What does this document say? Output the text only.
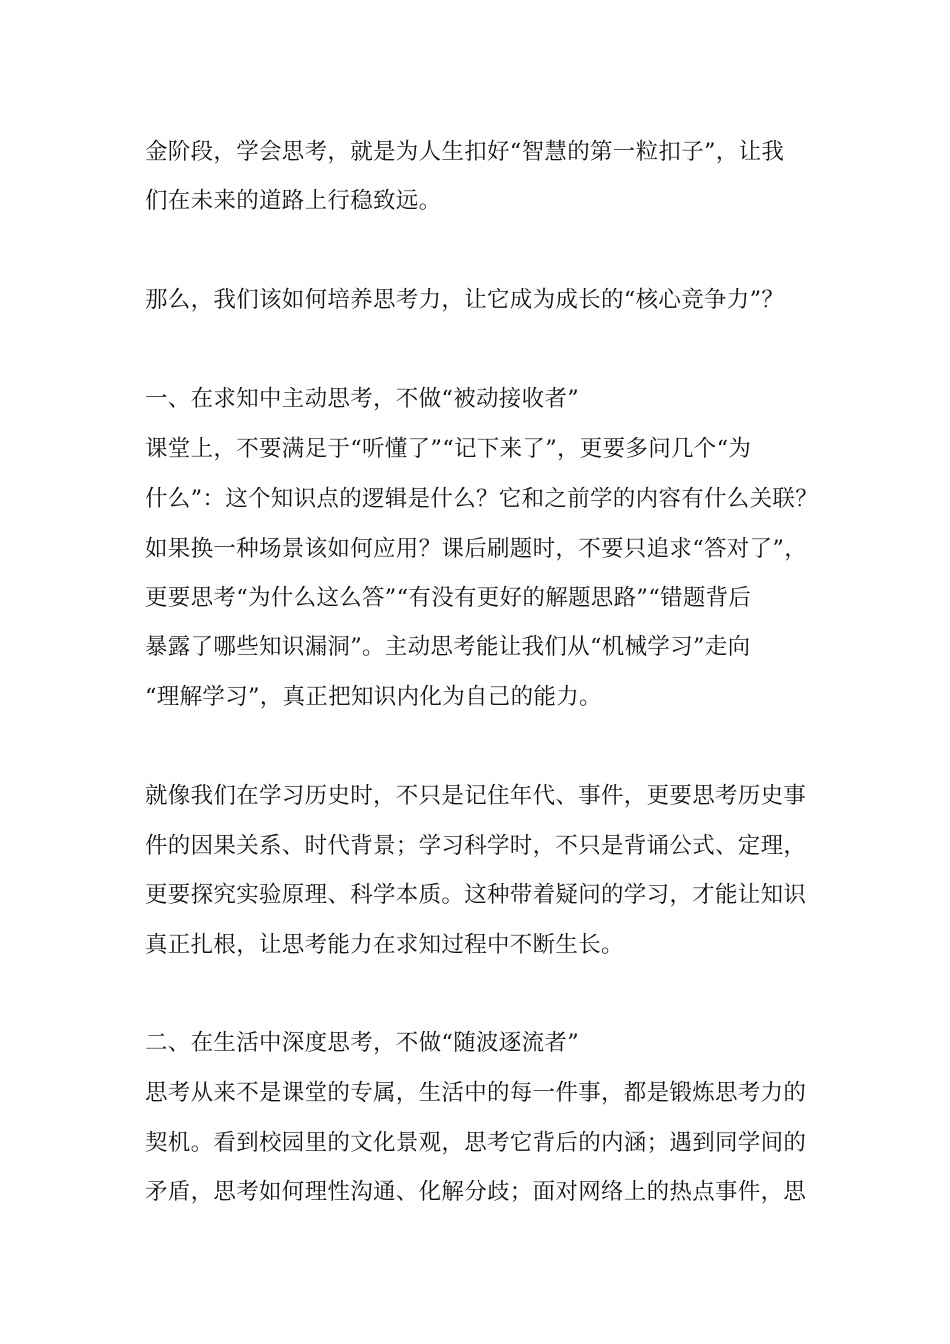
金阶段，学会思考，就是为人生扣好“智慧的第一粒扣子”，让我
们在未来的道路上行稳致远。
那么，我们该如何培养思考力，让它成为成长的“核心竞争力”？
一、在求知中主动思考，不做“被动接收者”
课堂上，不要满足于“听懂了”“记下来了”，更要多问几个“为
什么”：这个知识点的逻辑是什么？它和之前学的内容有什么关联？
如果换一种场景该如何应用？课后刷题时，不要只追求“答对了”，
更要思考“为什么这么答”“有没有更好的解题思路”“错题背后
暴露了哪些知识漏洞”。主动思考能让我们从“机械学习”走向
“理解学习”，真正把知识内化为自己的能力。
就像我们在学习历史时，不只是记住年代、事件，更要思考历史事
件的因果关系、时代背景；学习科学时，不只是背诵公式、定理，
更要探究实验原理、科学本质。这种带着疑问的学习，才能让知识
真正扎根，让思考能力在求知过程中不断生长。
二、在生活中深度思考，不做“随波逐流者”
思考从来不是课堂的专属，生活中的每一件事，都是锻炼思考力的
契机。看到校园里的文化景观，思考它背后的内涵；遇到同学间的
矛盾，思考如何理性沟通、化解分歧；面对网络上的热点事件，思
